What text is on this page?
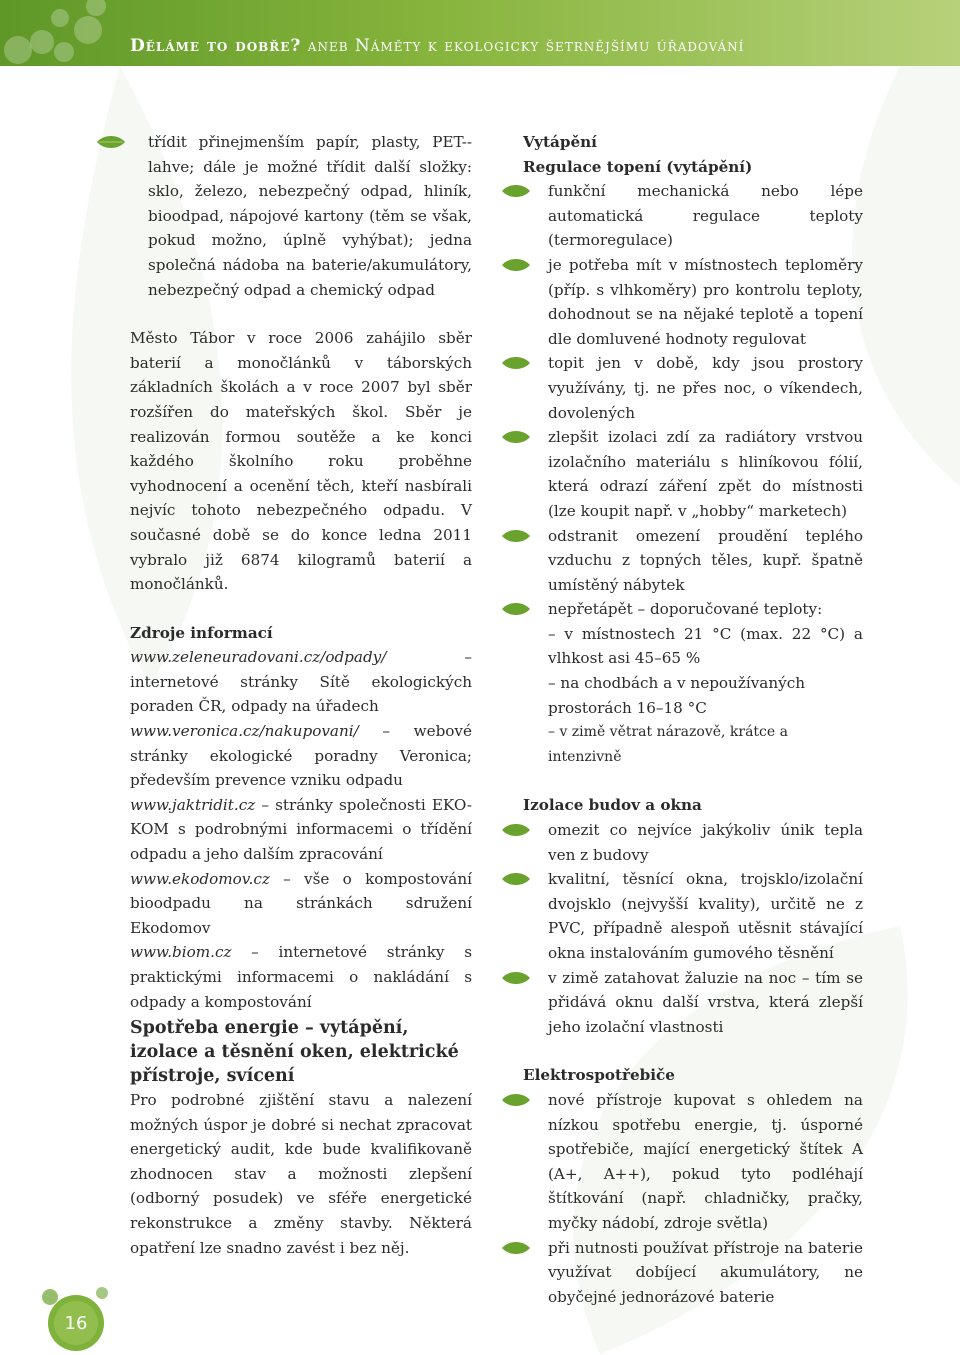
Děláme to dobře? aneb Náměty k ekologicky šetrnějšímu úřadování
třídit přinejmenším papír, plasty, PET--lahve; dále je možné třídit další složky: sklo, železo, nebezpečný odpad, hliník, bioodpad, nápojové kartony (těm se však, pokud možno, úplně vyhýbat); jedna společná nádoba na baterie/akumulátory, nebezpečný odpad a chemický odpad

Město Tábor v roce 2006 zahájilo sběr baterií a monočlánků v táborských základních školách a v roce 2007 byl sběr rozšířen do mateřských škol. Sběr je realizován formou soutěže a ke konci každého školního roku proběhne vyhodnocení a ocenění těch, kteří nasbírali nejvíc tohoto nebezpečného odpadu. V současné době se do konce ledna 2011 vybralo již 6874 kilogramů baterií a monočlánků.

Zdroje informací

www.zeleneuradovani.cz/odpady/ – internetové stránky Sítě ekologických poraden ČR, odpady na úřadech
www.veronica.cz/nakupovani/ – webové stránky ekologické poradny Veronica; především prevence vzniku odpadu
www.jaktridit.cz – stránky společnosti EKO-KOM s podrobnými informacemi o třídění odpadu a jeho dalším zpracování
www.ekodomov.cz – vše o kompostování bioodpadu na stránkách sdružení Ekodomov
www.biom.cz – internetové stránky s praktickými informacemi o nakládání s odpady a kompostování

Spotřeba energie – vytápění, izolace a těsnění oken, elektrické přístroje, svícení

Pro podrobné zjištění stavu a nalezení možných úspor je dobré si nechat zpracovat energetický audit, kde bude kvalifikovaně zhodnocen stav a možnosti zlepšení (odborný posudek) ve sféře energetické rekonstrukce a změny stavby. Některá opatření lze snadno zavést i bez něj.

Vytápění

Regulace topení (vytápění)

funkční mechanická nebo lépe automatická regulace teploty (termoregulace)
je potřeba mít v místnostech teploměry (příp. s vlhkoměry) pro kontrolu teploty, dohodnout se na nějaké teplotě a topení dle domluvené hodnoty regulovat
topit jen v době, kdy jsou prostory využívány, tj. ne přes noc, o víkendech, dovolených
zlepšit izolaci zdí za radiátory vrstvou izolačního materiálu s hliníkovou fólií, která odrazí záření zpět do místnosti (lze koupit např. v „hobby“ marketech)
odstranit omezení proudění teplého vzduchu z topných těles, kupř. špatně umístěný nábytek
nepřetápět – doporučované teploty:
– v místnostech 21 °C (max. 22 °C) a vlhkost asi 45–65 %
– na chodbách a v nepoužívaných prostorách 16–18 °C
– v zimě větrat nárazově, krátce a intenzivně

Izolace budov a okna

omezit co nejvíce jakýkoliv únik tepla ven z budovy
kvalitní, těsnící okna, trojsklo/izolační dvojsklo (nejvyšší kvality), určitě ne z PVC, případně alespoň utěsnit stávající okna instalováním gumového těsnění
v zimě zatahovat žaluzie na noc – tím se přidává oknu další vrstva, která zlepší jeho izolační vlastnosti

Elektrospotřebiče

nové přístroje kupovat s ohledem na nízkou spotřebu energie, tj. úsporné spotřebiče, mající energetický štítek A (A+, A++), pokud tyto podléhají štítkování (např. chladničky, pračky, myčky nádobí, zdroje světla)
při nutnosti používat přístroje na baterie využívat dobíjecí akumulátory, ne obyčejné jednorázové baterie
16
